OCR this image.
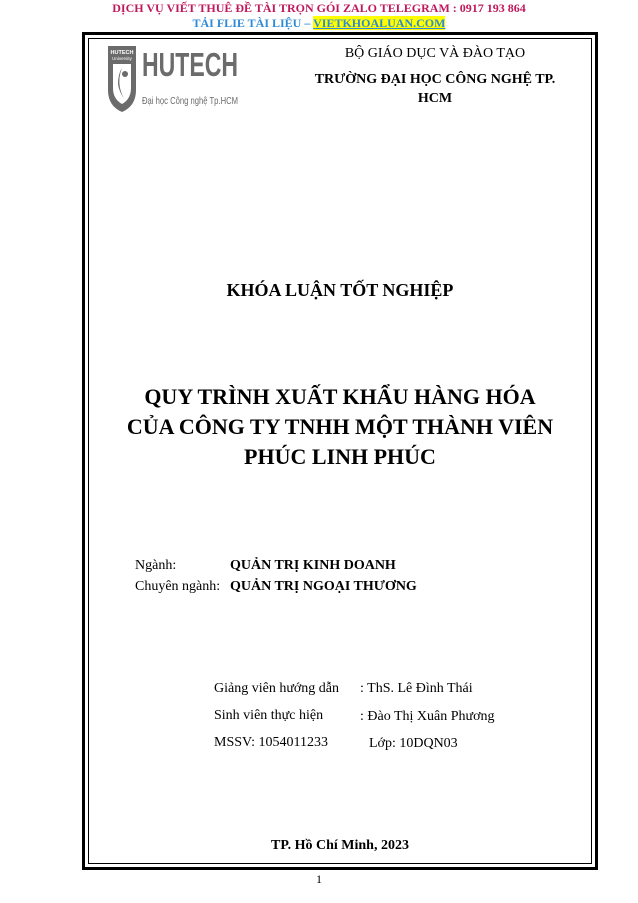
DỊCH VỤ VIẾT THUÊ ĐỀ TÀI TRỌN GÓI ZALO TELEGRAM : 0917 193 864
TẢI FLIE TÀI LIỆU – VIETKHOALUAN.COM
HUTECH
University HUTECH
Đại học Công nghệ Tp.HCM
BỘ GIÁO DỤC VÀ ĐÀO TẠO
TRƯỜNG ĐẠI HỌC CÔNG NGHỆ TP.
HCM
KHÓA LUẬN TỐT NGHIỆP
QUY TRÌNH XUẤT KHẨU HÀNG HÓA
CỦA CÔNG TY TNHH MỘT THÀNH VIÊN
PHÚC LINH PHÚC
Ngành:	QUẢN TRỊ KINH DOANH
Chuyên ngành: QUẢN TRỊ NGOẠI THƯƠNG
Giảng viên hướng dẫn : ThS. Lê Đình Thái
Sinh viên thực hiện	: Đào Thị Xuân Phương
MSSV: 1054011233	Lớp: 10DQN03
TP. Hồ Chí Minh, 2023
1
